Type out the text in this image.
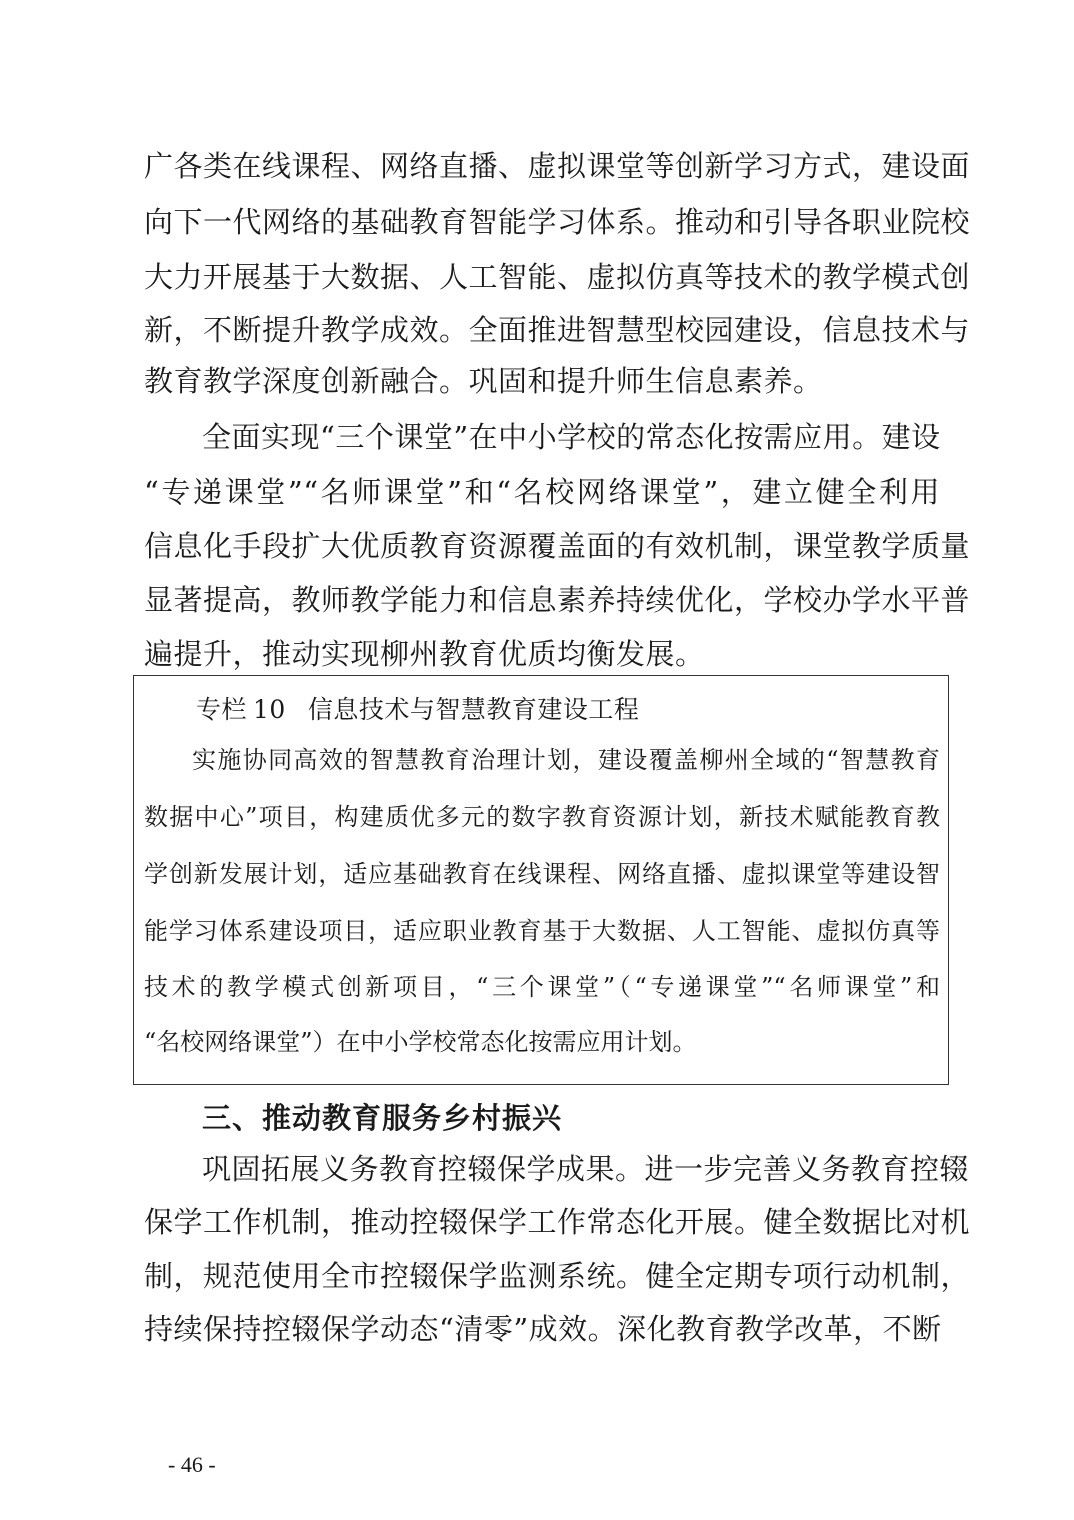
广各类在线课程、网络直播、虚拟课堂等创新学习方式，建设面
向下一代网络的基础教育智能学习体系。推动和引导各职业院校
大力开展基于大数据、人工智能、虚拟仿真等技术的教学模式创
新，不断提升教学成效。全面推进智慧型校园建设，信息技术与
教育教学深度创新融合。巩固和提升师生信息素养。
全面实现“三个课堂”在中小学校的常态化按需应用。建设
“专递课堂”“名师课堂”和“名校网络课堂”，建立健全利用
信息化手段扩大优质教育资源覆盖面的有效机制，课堂教学质量
显著提高，教师教学能力和信息素养持续优化，学校办学水平普
遍提升，推动实现柳州教育优质均衡发展。
专栏 10 信息技术与智慧教育建设工程
实施协同高效的智慧教育治理计划，建设覆盖柳州全域的“智慧教育
数据中心”项目，构建质优多元的数字教育资源计划，新技术赋能教育教
学创新发展计划，适应基础教育在线课程、网络直播、虚拟课堂等建设智
能学习体系建设项目，适应职业教育基于大数据、人工智能、虚拟仿真等
技术的教学模式创新项目，“三个课堂”（“专递课堂”“名师课堂”和
“名校网络课堂”）在中小学校常态化按需应用计划。
三、推动教育服务乡村振兴
巩固拓展义务教育控辍保学成果。进一步完善义务教育控辍
保学工作机制，推动控辍保学工作常态化开展。健全数据比对机
制，规范使用全市控辍保学监测系统。健全定期专项行动机制，
持续保持控辍保学动态“清零”成效。深化教育教学改革，不断
- 46 -
